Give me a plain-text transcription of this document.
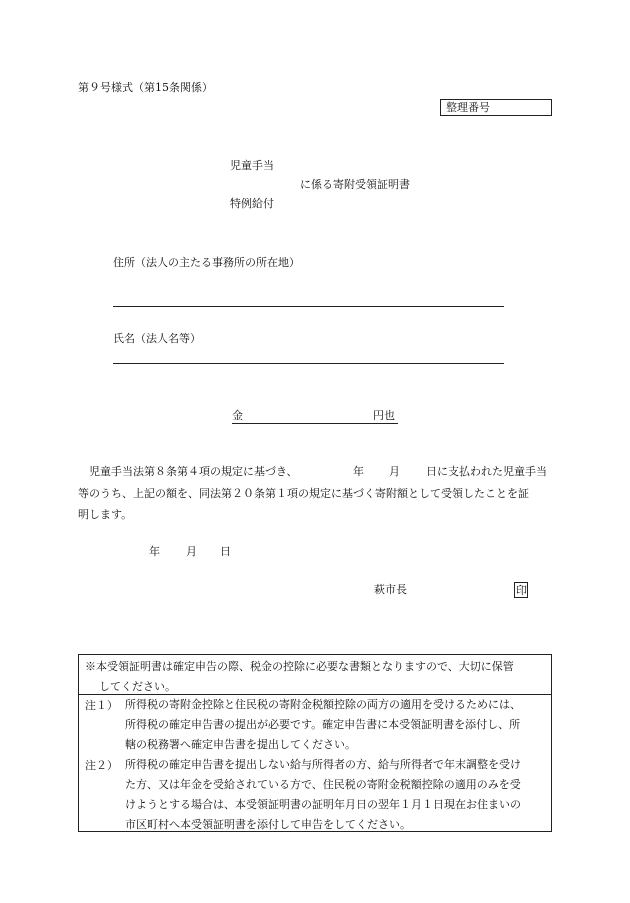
第９号様式（第15条関係）
整理番号
児童手当
に係る寄附受領証明書
特例給付
住所（法人の主たる事務所の所在地）
氏名（法人名等）
金	円也
児童手当法第８条第４項の規定に基づき、	年 月 日に支払われた児童手当
等のうち、上記の額を、同法第２０条第１項の規定に基づく寄附額として受領したことを証
明します。
年 月 日
萩市長	印
※本受領証明書は確定申告の際、税金の控除に必要な書類となりますので、大切に保管
してください。
注１） 所得税の寄附金控除と住民税の寄附金税額控除の両方の適用を受けるためには、
所得税の確定申告書の提出が必要です。確定申告書に本受領証明書を添付し、所
轄の税務署へ確定申告書を提出してください。
注２） 所得税の確定申告書を提出しない給与所得者の方、給与所得者で年末調整を受け
た方、又は年金を受給されている方で、住民税の寄附金税額控除の適用のみを受
けようとする場合は、本受領証明書の証明年月日の翌年１月１日現在お住まいの
市区町村へ本受領証明書を添付して申告をしてください。
